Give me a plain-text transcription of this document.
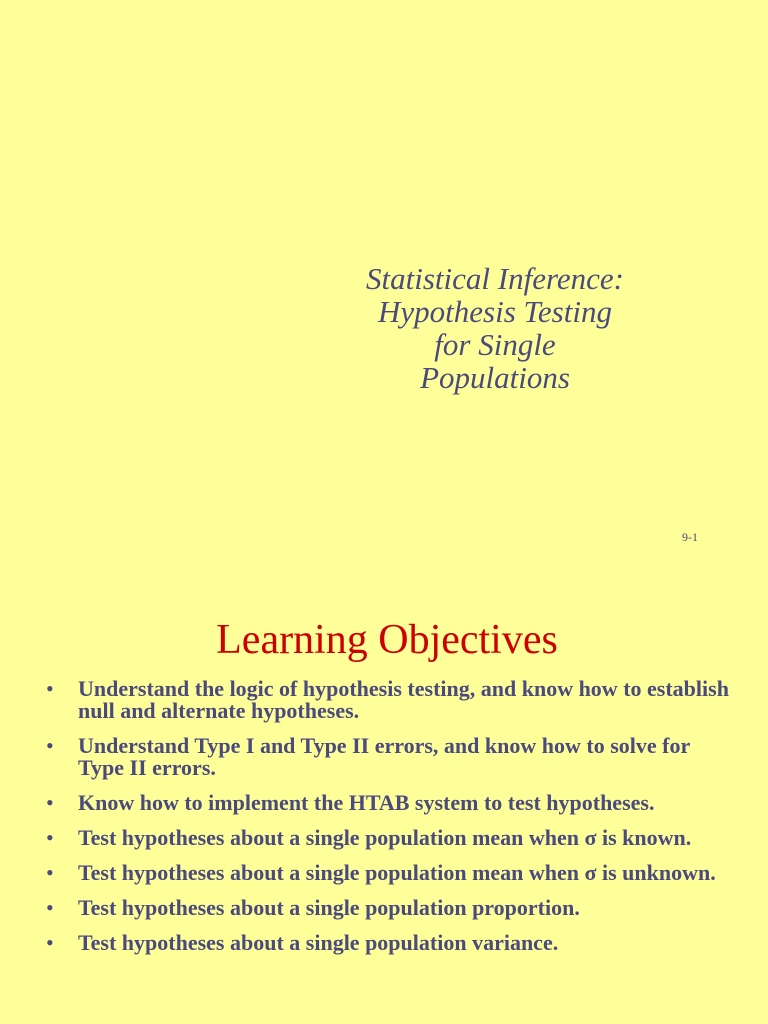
Statistical Inference:
Hypothesis Testing
for Single
Populations
9-1
Learning Objectives
• Understand the logic of hypothesis testing, and know how to establish null and alternate hypotheses.
• Understand Type I and Type II errors, and know how to solve for Type II errors.
• Know how to implement the HTAB system to test hypotheses.
• Test hypotheses about a single population mean when σ is known.
• Test hypotheses about a single population mean when σ is unknown.
• Test hypotheses about a single population proportion.
• Test hypotheses about a single population variance.
